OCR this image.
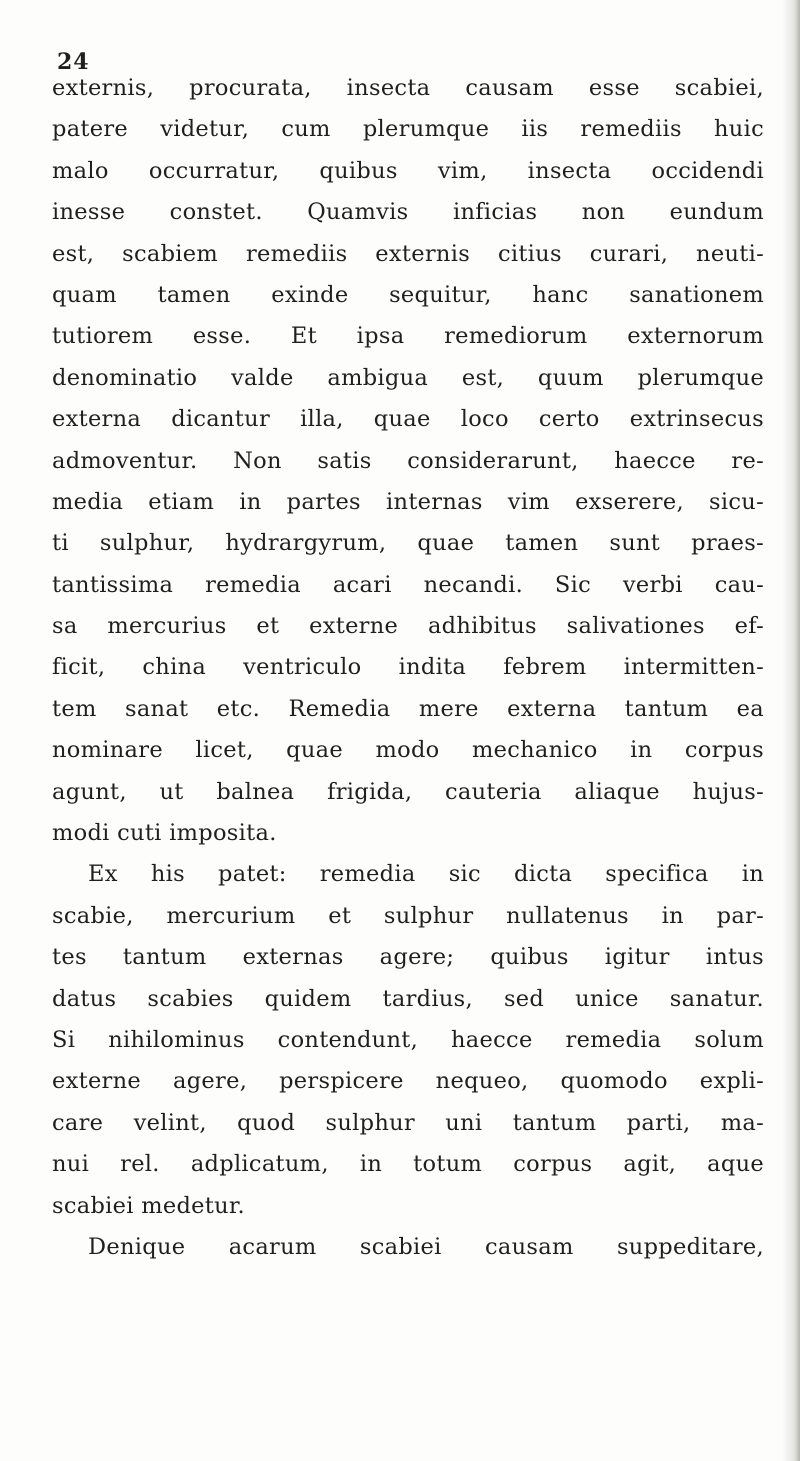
24
externis, procurata, insecta causam esse scabiei,
patere videtur, cum plerumque iis remediis huic
malo occurratur, quibus vim, insecta occidendi
inesse constet. Quamvis inficias non eundum
est, scabiem remediis externis citius curari, neuti-
quam tamen exinde sequitur, hanc sanationem
tutiorem esse. Et ipsa remediorum externorum
denominatio valde ambigua est, quum plerumque
externa dicantur illa, quae loco certo extrinsecus
admoventur. Non satis considerarunt, haecce re-
media etiam in partes internas vim exserere, sicu-
ti sulphur, hydrargyrum, quae tamen sunt praes-
tantissima remedia acari necandi. Sic verbi cau-
sa mercurius et externe adhibitus salivationes ef-
ficit, china ventriculo indita febrem intermitten-
tem sanat etc. Remedia mere externa tantum ea
nominare licet, quae modo mechanico in corpus
agunt, ut balnea frigida, cauteria aliaque hujus-
modi cuti imposita.
Ex his patet: remedia sic dicta specifica in
scabie, mercurium et sulphur nullatenus in par-
tes tantum externas agere; quibus igitur intus
datus scabies quidem tardius, sed unice sanatur.
Si nihilominus contendunt, haecce remedia solum
externe agere, perspicere nequeo, quomodo expli-
care velint, quod sulphur uni tantum parti, ma-
nui rel. adplicatum, in totum corpus agit, aque
scabiei medetur.
Denique acarum scabiei causam suppeditare,
